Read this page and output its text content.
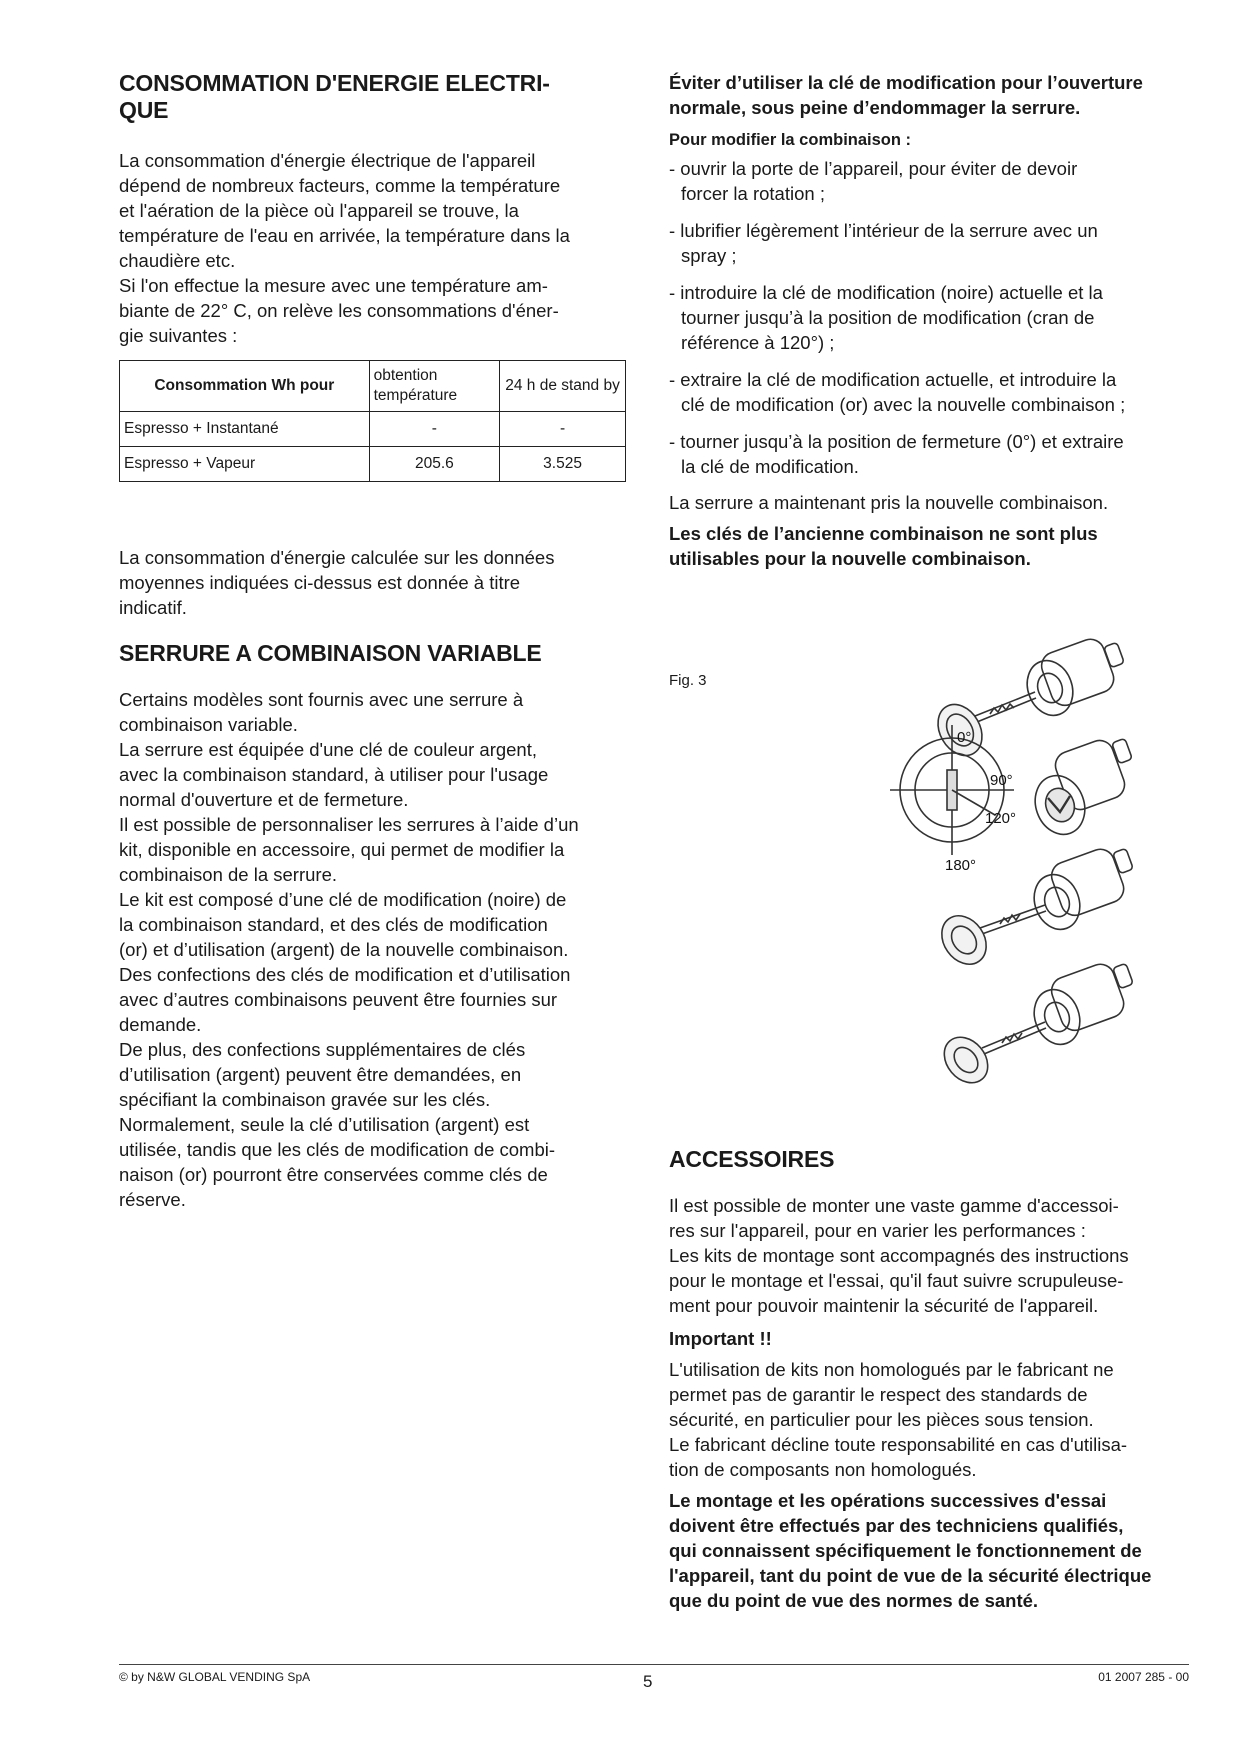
CONSOMMATION D'ENERGIE ELECTRI-
QUE

La consommation d'énergie électrique de l'appareil

dépend de nombreux facteurs, comme la température

et l'aération de la pièce où l'appareil se trouve, la

température de l'eau en arrivée, la température dans la

chaudière etc.

Si l'on effectue la mesure avec une température am-

biante de 22° C, on relève les consommations d'éner-

gie suivantes :

Consommation Wh pour	obtention température	24 h de stand by
Espresso + Instantané	-	-
Espresso + Vapeur	205.6	3.525

La consommation d'énergie calculée sur les données

moyennes indiquées ci-dessus est donnée à titre

indicatif.

SERRURE A COMBINAISON VARIABLE

Certains modèles sont fournis avec une serrure à

combinaison variable.

La serrure est équipée d'une clé de couleur argent,

avec la combinaison standard, à utiliser pour l'usage

normal d'ouverture et de fermeture.

Il est possible de personnaliser les serrures à l’aide d’un

kit, disponible en accessoire, qui permet de modifier la

combinaison de la serrure.

Le kit est composé d’une clé de modification (noire) de

la combinaison standard, et des clés de modification

(or) et d’utilisation (argent) de la nouvelle combinaison.

Des confections des clés de modification et d’utilisation

avec d’autres combinaisons peuvent être fournies sur

demande.

De plus, des confections supplémentaires de clés

d’utilisation (argent) peuvent être demandées, en

spécifiant la combinaison gravée sur les clés.

Normalement, seule la clé d’utilisation (argent) est

utilisée, tandis que les clés de modification de combi-

naison (or) pourront être conservées comme clés de

réserve.

Éviter d’utiliser la clé de modification pour l’ouverture

normale, sous peine d’endommager la serrure.

Pour modifier la combinaison :

- ouvrir la porte de l’appareil, pour éviter de devoir
forcer la rotation ;
- lubrifier légèrement l’intérieur de la serrure avec un
spray ;
- introduire la clé de modification (noire) actuelle et la
tourner jusqu’à la position de modification (cran de
référence à 120°) ;
- extraire la clé de modification actuelle, et introduire la
clé de modification (or) avec la nouvelle combinaison ;
- tourner jusqu’à la position de fermeture (0°) et extraire
la clé de modification.

La serrure a maintenant pris la nouvelle combinaison.

Les clés de l’ancienne combinaison ne sont plus

utilisables pour la nouvelle combinaison.

Fig. 3

ACCESSOIRES

Il est possible de monter une vaste gamme d'accessoi-

res sur l'appareil, pour en varier les performances :

Les kits de montage sont accompagnés des instructions

pour le montage et l'essai, qu'il faut suivre scrupuleuse-

ment pour pouvoir maintenir la sécurité de l'appareil.

Important !!

L'utilisation de kits non homologués par le fabricant ne

permet pas de garantir le respect des standards de

sécurité, en particulier pour les pièces sous tension.

Le fabricant décline toute responsabilité en cas d'utilisa-

tion de composants non homologués.

Le montage et les opérations successives d'essai

doivent être effectués par des techniciens qualifiés,

qui connaissent spécifiquement le fonctionnement de

l'appareil, tant du point de vue de la sécurité électrique

que du point de vue des normes de santé.

0°
90°
120°
180°
© by N&W GLOBAL VENDING SpA	5	01 2007 285 - 00
